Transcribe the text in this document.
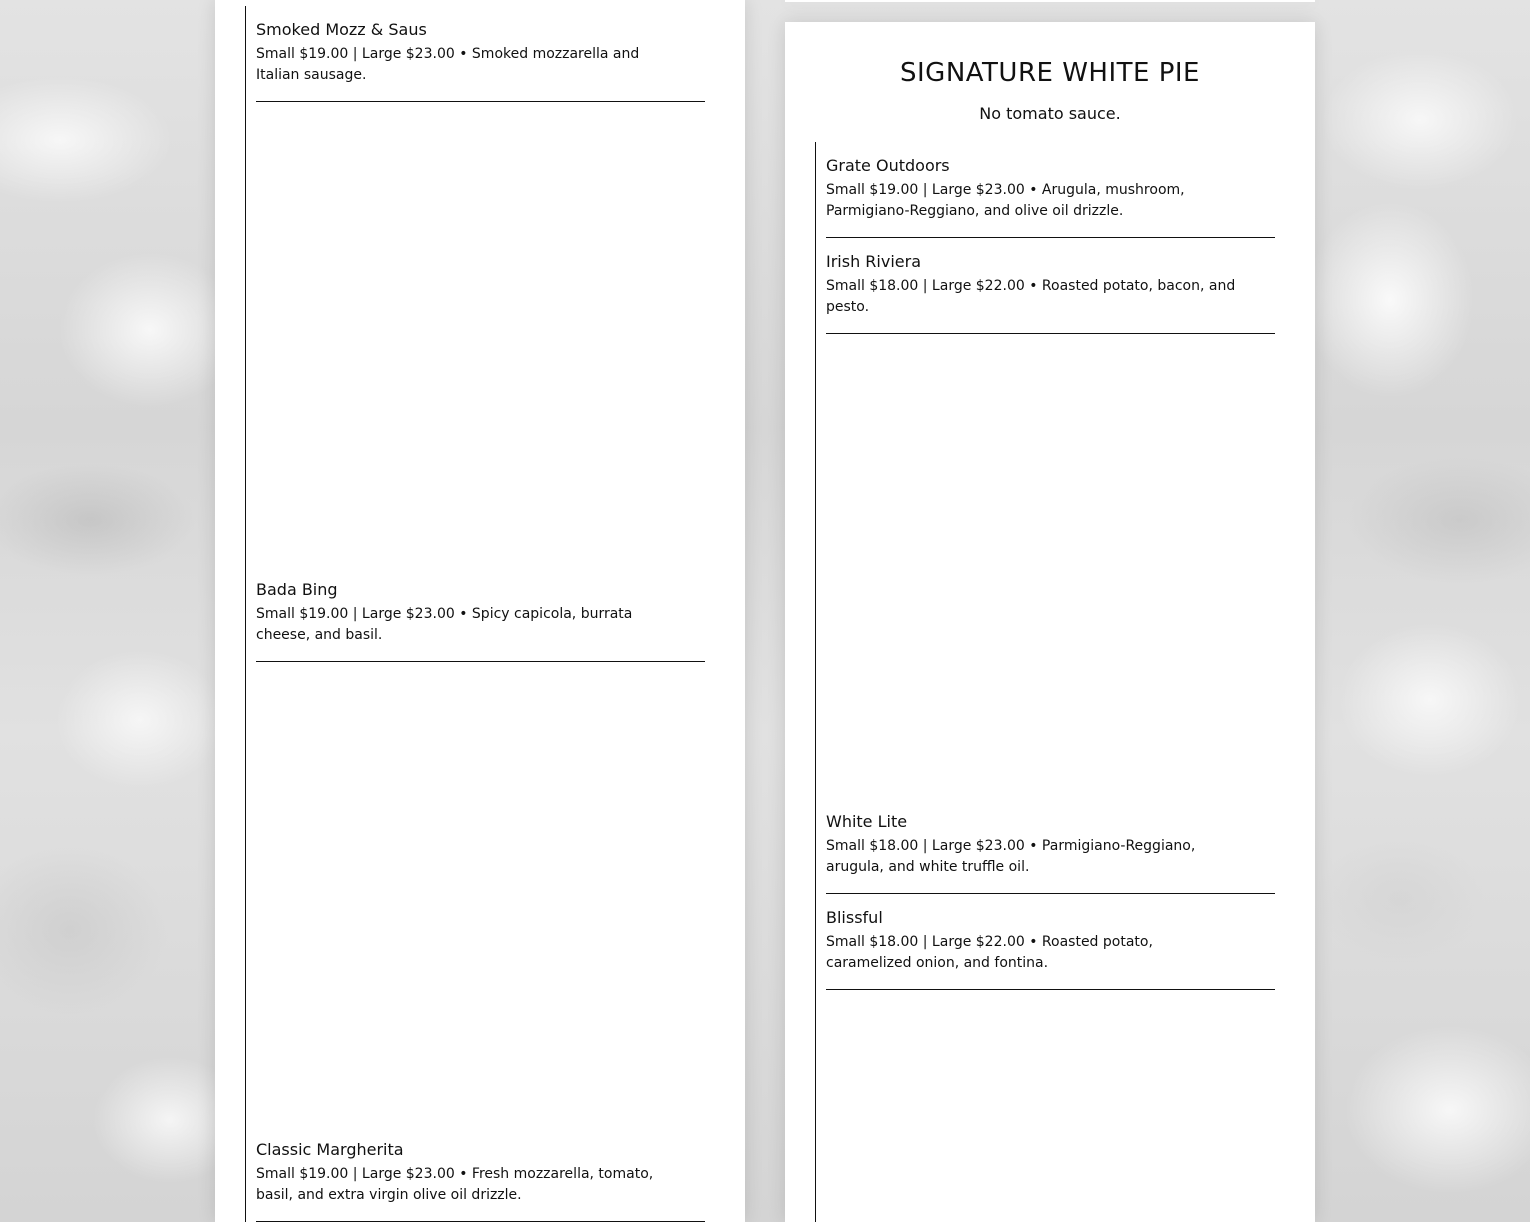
Smoked Mozz & Saus
Small $19.00 | Large $23.00 • Smoked mozzarella and Italian sausage.
Bada Bing
Small $19.00 | Large $23.00 • Spicy capicola, burrata cheese, and basil.
Classic Margherita
Small $19.00 | Large $23.00 • Fresh mozzarella, tomato, basil, and extra virgin olive oil drizzle.
SIGNATURE WHITE PIE

No tomato sauce.

Grate Outdoors
Small $19.00 | Large $23.00 • Arugula, mushroom, Parmigiano-Reggiano, and olive oil drizzle.
Irish Riviera
Small $18.00 | Large $22.00 • Roasted potato, bacon, and pesto.
White Lite
Small $18.00 | Large $23.00 • Parmigiano-Reggiano, arugula, and white truffle oil.
Blissful
Small $18.00 | Large $22.00 • Roasted potato, caramelized onion, and fontina.
